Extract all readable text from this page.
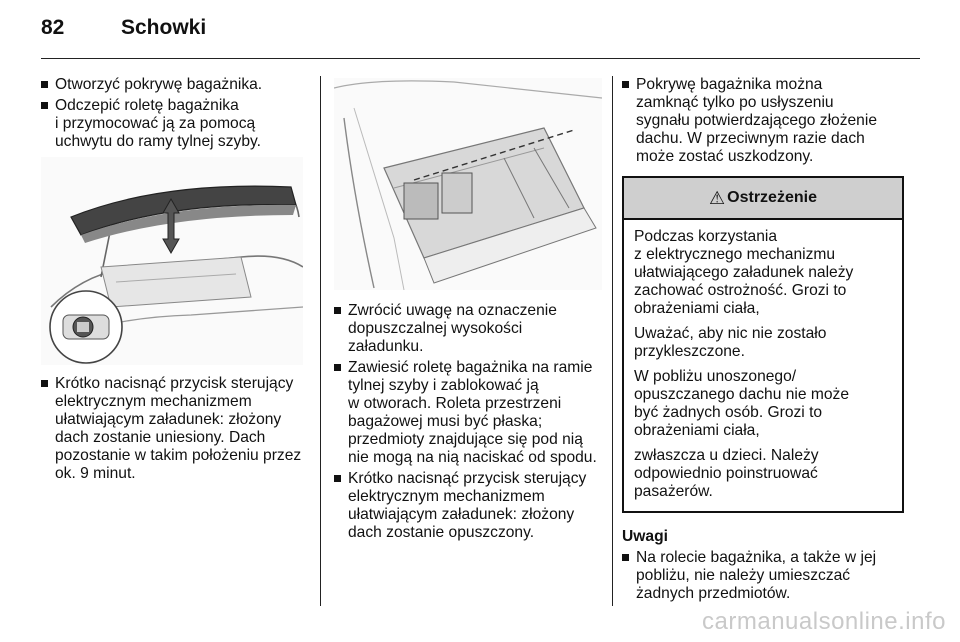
82	Schowki
Otworzyć pokrywę bagażnika.
Odczepić roletę bagażnika
i przymocować ją za pomocą
uchwytu do ramy tylnej szyby.
Krótko nacisnąć przycisk sterujący
elektrycznym mechanizmem
ułatwiającym załadunek: złożony
dach zostanie uniesiony. Dach
pozostanie w takim położeniu przez
ok. 9 minut.
Zwrócić uwagę na oznaczenie
dopuszczalnej wysokości
załadunku.
Zawiesić roletę bagażnika na ramie
tylnej szyby i zablokować ją
w otworach. Roleta przestrzeni
bagażowej musi być płaska;
przedmioty znajdujące się pod nią
nie mogą na nią naciskać od spodu.
Krótko nacisnąć przycisk sterujący
elektrycznym mechanizmem
ułatwiającym załadunek: złożony
dach zostanie opuszczony.
Pokrywę bagażnika można
zamknąć tylko po usłyszeniu
sygnału potwierdzającego złożenie
dachu. W przeciwnym razie dach
może zostać uszkodzony.
⚠ Ostrzeżenie

Podczas korzystania
z elektrycznego mechanizmu
ułatwiającego załadunek należy
zachować ostrożność. Grozi to
obrażeniami ciała,

Uważać, aby nic nie zostało
przykleszczone.

W pobliżu unoszonego/
opuszczanego dachu nie może
być żadnych osób. Grozi to
obrażeniami ciała,

zwłaszcza u dzieci. Należy
odpowiednio poinstruować
pasażerów.

Uwagi
Na rolecie bagażnika, a także w jej
pobliżu, nie należy umieszczać
żadnych przedmiotów.
carmanualsonline.info
